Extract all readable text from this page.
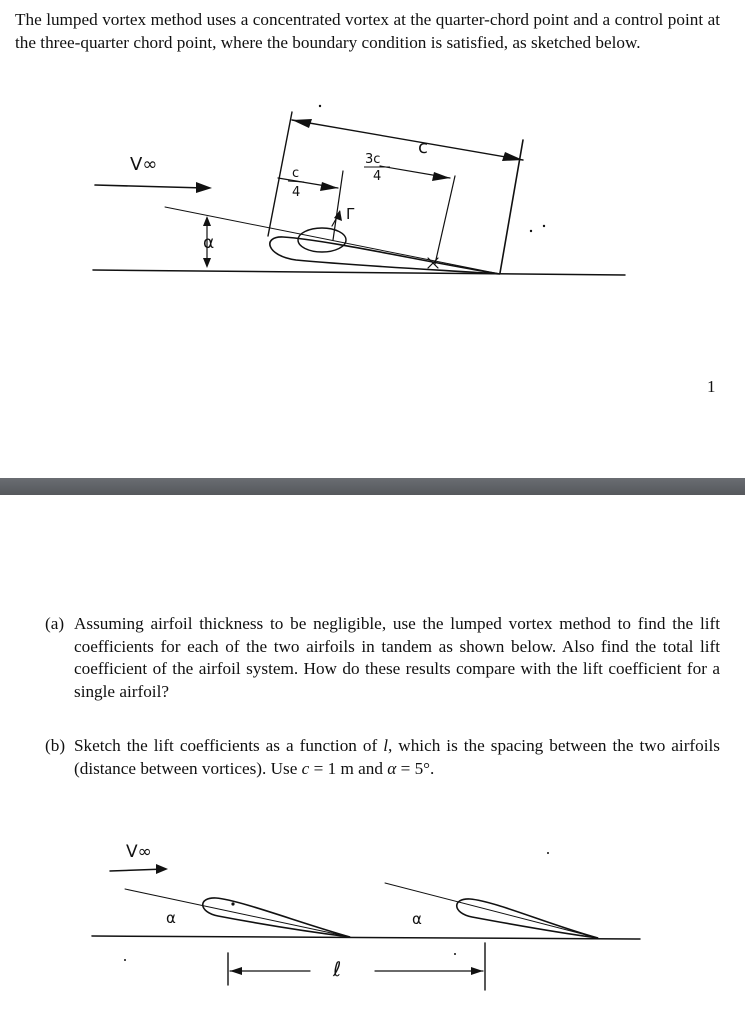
The lumped vortex method uses a concentrated vortex at the quarter-chord point and a control point at the three-quarter chord point, where the boundary condition is satisfied, as sketched below.

V∞	c
4
3c
4
c
Γ
α
1

(a) Assuming airfoil thickness to be negligible, use the lumped vortex method to find the lift coefficients for each of the two airfoils in tandem as shown below. Also find the total lift coefficient of the airfoil system. How do these results compare with the lift coefficient for a single airfoil?

(b) Sketch the lift coefficients as a function of l, which is the spacing between the two airfoils (distance between vortices). Use c = 1 m and α = 5°.

V∞
α	α
ℓ
